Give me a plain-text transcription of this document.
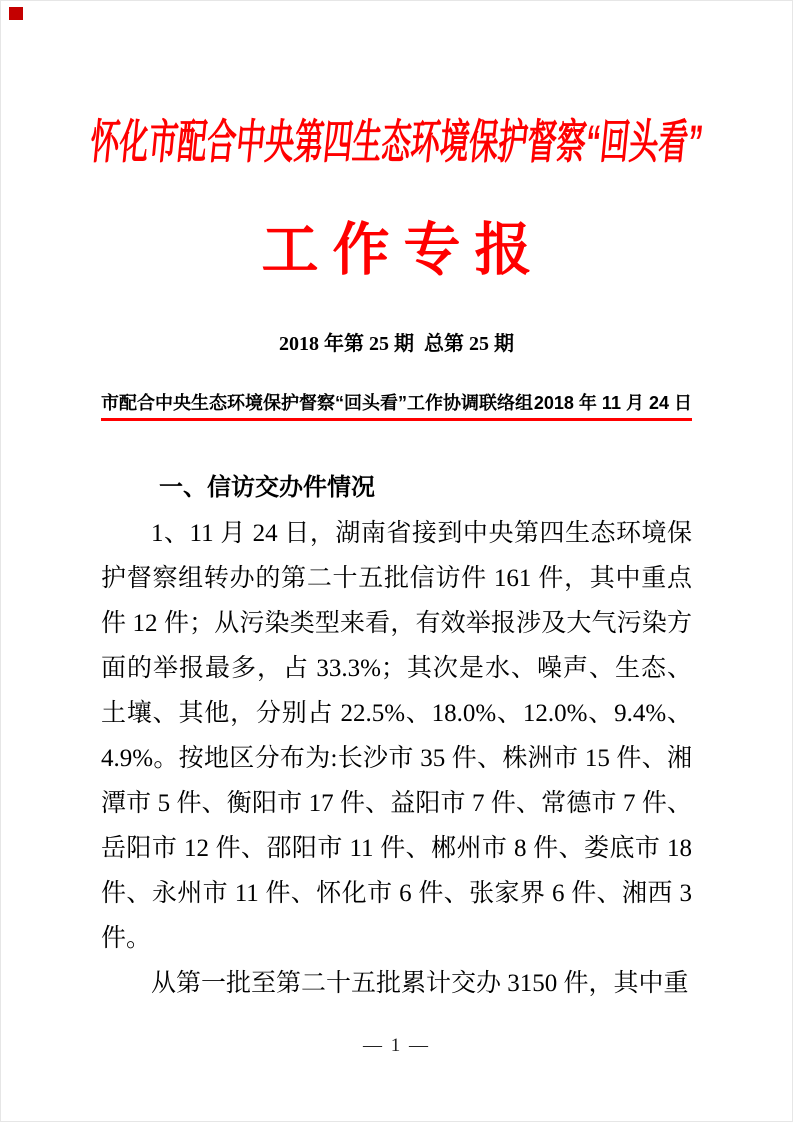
怀化市配合中央第四生态环境保护督察“回头看”
工作专报
2018 年第 25 期  总第 25 期
市配合中央生态环境保护督察“回头看”工作协调联络组 2018 年 11 月 24 日
一、信访交办件情况

1、11 月 24 日，湖南省接到中央第四生态环境保护督察组转办的第二十五批信访件 161 件，其中重点件 12 件；从污染类型来看，有效举报涉及大气污染方面的举报最多，占 33.3%；其次是水、噪声、生态、土壤、其他，分别占 22.5%、18.0%、12.0%、9.4%、4.9%。按地区分布为:长沙市 35 件、株洲市 15 件、湘潭市 5 件、衡阳市 17 件、益阳市 7 件、常德市 7 件、岳阳市 12 件、邵阳市 11 件、郴州市 8 件、娄底市 18 件、永州市 11 件、怀化市 6 件、张家界 6 件、湘西 3 件。

从第一批至第二十五批累计交办 3150 件，其中重

— 1 —
